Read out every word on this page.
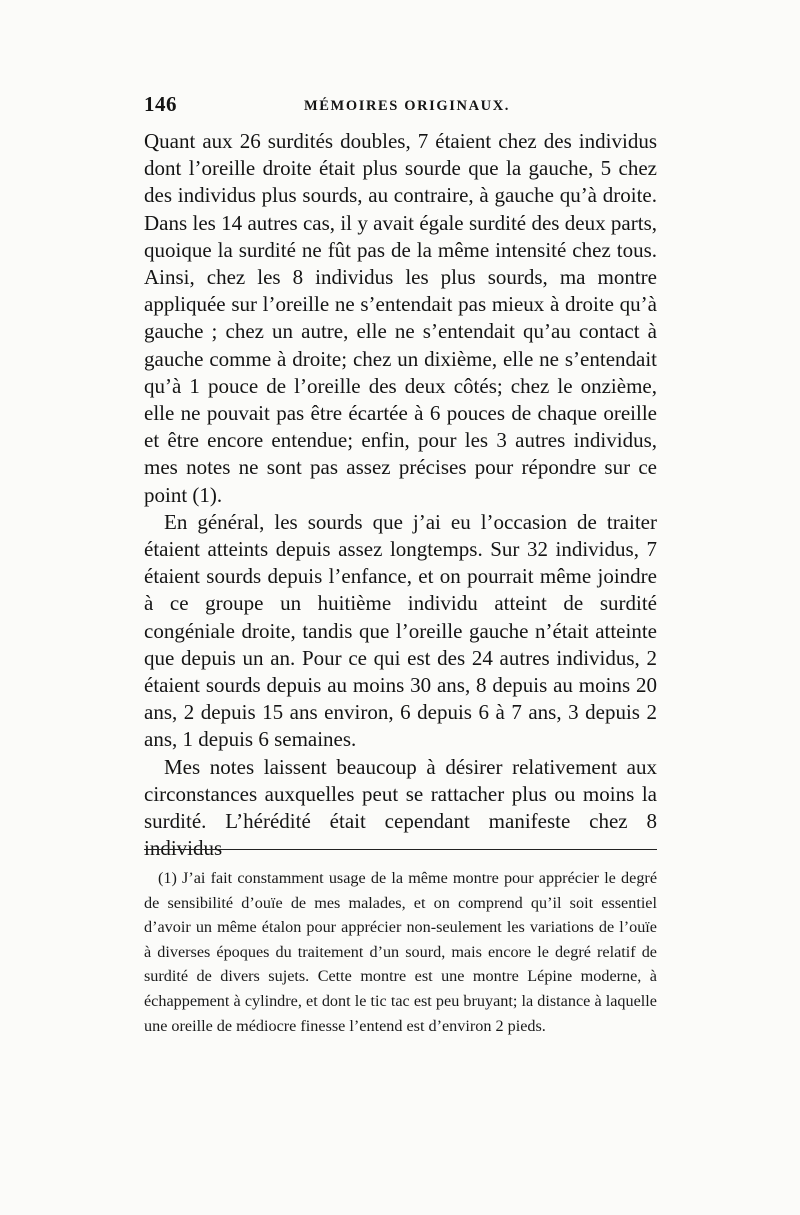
146	MÉMOIRES ORIGINAUX.

Quant aux 26 surdités doubles, 7 étaient chez des individus dont l’oreille droite était plus sourde que la gauche, 5 chez des individus plus sourds, au contraire, à gauche qu’à droite. Dans les 14 autres cas, il y avait égale surdité des deux parts, quoique la surdité ne fût pas de la même intensité chez tous. Ainsi, chez les 8 individus les plus sourds, ma montre appliquée sur l’oreille ne s’entendait pas mieux à droite qu’à gauche ; chez un autre, elle ne s’entendait qu’au contact à gauche comme à droite; chez un dixième, elle ne s’entendait qu’à 1 pouce de l’oreille des deux côtés; chez le onzième, elle ne pouvait pas être écartée à 6 pouces de chaque oreille et être encore entendue; enfin, pour les 3 autres individus, mes notes ne sont pas assez précises pour répondre sur ce point (1).

En général, les sourds que j’ai eu l’occasion de traiter étaient atteints depuis assez longtemps. Sur 32 individus, 7 étaient sourds depuis l’enfance, et on pourrait même joindre à ce groupe un huitième individu atteint de surdité congéniale droite, tandis que l’oreille gauche n’était atteinte que depuis un an. Pour ce qui est des 24 autres individus, 2 étaient sourds depuis au moins 30 ans, 8 depuis au moins 20 ans, 2 depuis 15 ans environ, 6 depuis 6 à 7 ans, 3 depuis 2 ans, 1 depuis 6 semaines.

Mes notes laissent beaucoup à désirer relativement aux circonstances auxquelles peut se rattacher plus ou moins la surdité. L’hérédité était cependant manifeste chez 8 individus

(1) J’ai fait constamment usage de la même montre pour apprécier le degré de sensibilité d’ouïe de mes malades, et on comprend qu’il soit essentiel d’avoir un même étalon pour apprécier non-seulement les variations de l’ouïe à diverses époques du traitement d’un sourd, mais encore le degré relatif de surdité de divers sujets. Cette montre est une montre Lépine moderne, à échappement à cylindre, et dont le tic tac est peu bruyant; la distance à laquelle une oreille de médiocre finesse l’entend est d’environ 2 pieds.
